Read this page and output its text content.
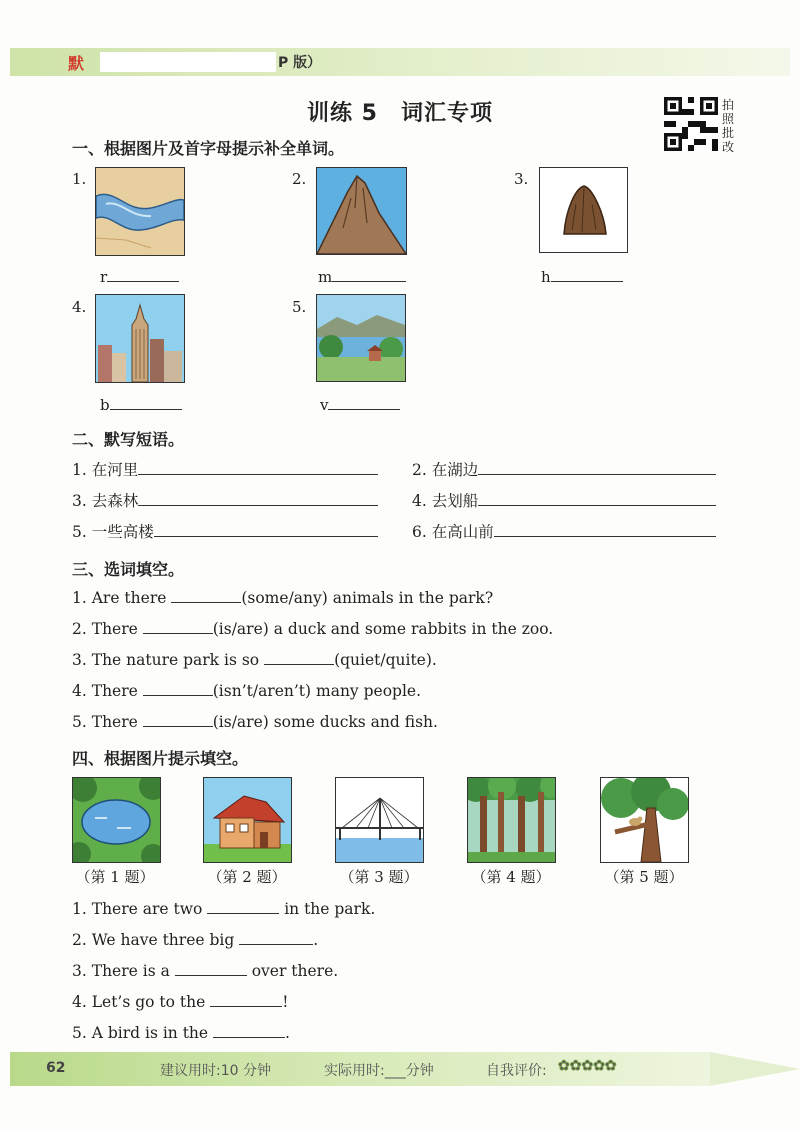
默	P 版）
训练 5　词汇专项	拍照批改
一、根据图片及首字母提示补全单词。
1.
r
2.
m
3.
h
4.
b
5.
v
二、默写短语。
1. 在河里	2. 在湖边
3. 去森林	4. 去划船
5. 一些高楼	6. 在高山前
三、选词填空。
1. Are there	(some/any) animals in the park?
2. There	(is/are) a duck and some rabbits in the zoo.
3. The nature park is so	(quiet/quite).
4. There	(isn’t/aren’t) many people.
5. There	(is/are) some ducks and fish.
四、根据图片提示填空。
（第 1 题）	（第 2 题）	（第 3 题）	（第 4 题）	（第 5 题）
1. There are two	in the park.
2. We have three big	.
3. There is a	over there.
4. Let’s go to the	!
5. A bird is in the	.
62	建议用时:10 分钟	实际用时:___分钟	自我评价: ✿✿✿✿✿
